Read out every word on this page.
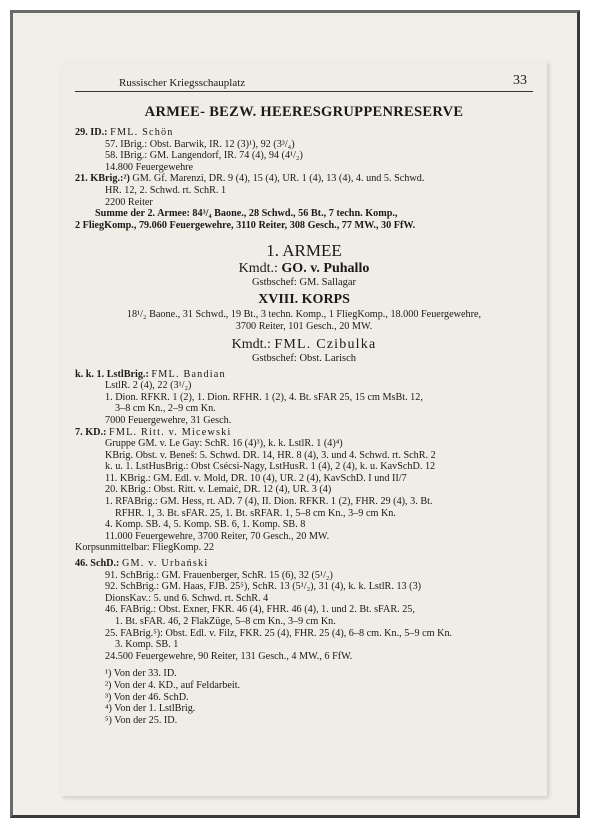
Russischer Kriegsschauplatz	33
ARMEE- BEZW. HEERESGRUPPENRESERVE
29. ID.: FML. Schön
57. IBrig.: Obst. Barwik, IR. 12 (3)¹), 92 (3³/₄)
58. IBrig.: GM. Langendorf, IR. 74 (4), 94 (4¹/₂)
14.800 Feuergewehre
21. KBrig.:²) GM. Gf. Marenzi, DR. 9 (4), 15 (4), UR. 1 (4), 13 (4), 4. und 5. Schwd.
HR. 12, 2. Schwd. rt. SchR. 1
2200 Reiter
Summe der 2. Armee: 84³/₄ Baone., 28 Schwd., 56 Bt., 7 techn. Komp.,
2 FliegKomp., 79.060 Feuergewehre, 3110 Reiter, 308 Gesch., 77 MW., 30 FfW.
1. ARMEE
Kmdt.: GO. v. Puhallo
Gstbschef: GM. Sallagar
XVIII. KORPS
18¹/₂ Baone., 31 Schwd., 19 Bt., 3 techn. Komp., 1 FliegKomp., 18.000 Feuergewehre,
3700 Reiter, 101 Gesch., 20 MW.
Kmdt.: FML. Czibulka
Gstbschef: Obst. Larisch
k. k. 1. LstlBrig.: FML. Bandian
LstlR. 2 (4), 22 (3¹/₂)
1. Dion. RFKR. 1 (2), 1. Dion. RFHR. 1 (2), 4. Bt. sFAR 25, 15 cm MsBt. 12,
3–8 cm Kn., 2–9 cm Kn.
7000 Feuergewehre, 31 Gesch.
7. KD.: FML. Ritt. v. Micewski
Gruppe GM. v. Le Gay: SchR. 16 (4)³), k. k. LstlR. 1 (4)⁴)
KBrig. Obst. v. Beneš: 5. Schwd. DR. 14, HR. 8 (4), 3. und 4. Schwd. rt. SchR. 2
k. u. 1. LstHusBrig.: Obst Csécsi-Nagy, LstHusR. 1 (4), 2 (4), k. u. KavSchD. 12
11. KBrig.: GM. Edl. v. Mold, DR. 10 (4), UR. 2 (4), KavSchD. I und II/7
20. KBrig.: Obst. Ritt. v. Lemaić, DR. 12 (4), UR. 3 (4)
1. RFABrig.: GM. Hess, rt. AD. 7 (4), II. Dion. RFKR. 1 (2), FHR. 29 (4), 3. Bt.
RFHR. 1, 3. Bt. sFAR. 25, 1. Bt. sRFAR. 1, 5–8 cm Kn., 3–9 cm Kn.
4. Komp. SB. 4, 5. Komp. SB. 6, 1. Komp. SB. 8
11.000 Feuergewehre, 3700 Reiter, 70 Gesch., 20 MW.
Korpsunmittelbar: FliegKomp. 22
46. SchD.: GM. v. Urbański
91. SchBrig.: GM. Frauenberger, SchR. 15 (6), 32 (5¹/₂)
92. SchBrig.: GM. Haas, FJB. 25⁵), SchR. 13 (5¹/₂), 31 (4), k. k. LstlR. 13 (3)
DionsKav.: 5. und 6. Schwd. rt. SchR. 4
46. FABrig.: Obst. Exner, FKR. 46 (4), FHR. 46 (4), 1. und 2. Bt. sFAR. 25,
1. Bt. sFAR. 46, 2 FlakZüge, 5–8 cm Kn., 3–9 cm Kn.
25. FABrig.⁵): Obst. Edl. v. Filz, FKR. 25 (4), FHR. 25 (4), 6–8 cm. Kn., 5–9 cm Kn.
3. Komp. SB. 1
24.500 Feuergewehre, 90 Reiter, 131 Gesch., 4 MW., 6 FfW.
¹) Von der 33. ID.
²) Von der 4. KD., auf Feldarbeit.
³) Von der 46. SchD.
⁴) Von der 1. LstlBrig.
⁵) Von der 25. ID.
